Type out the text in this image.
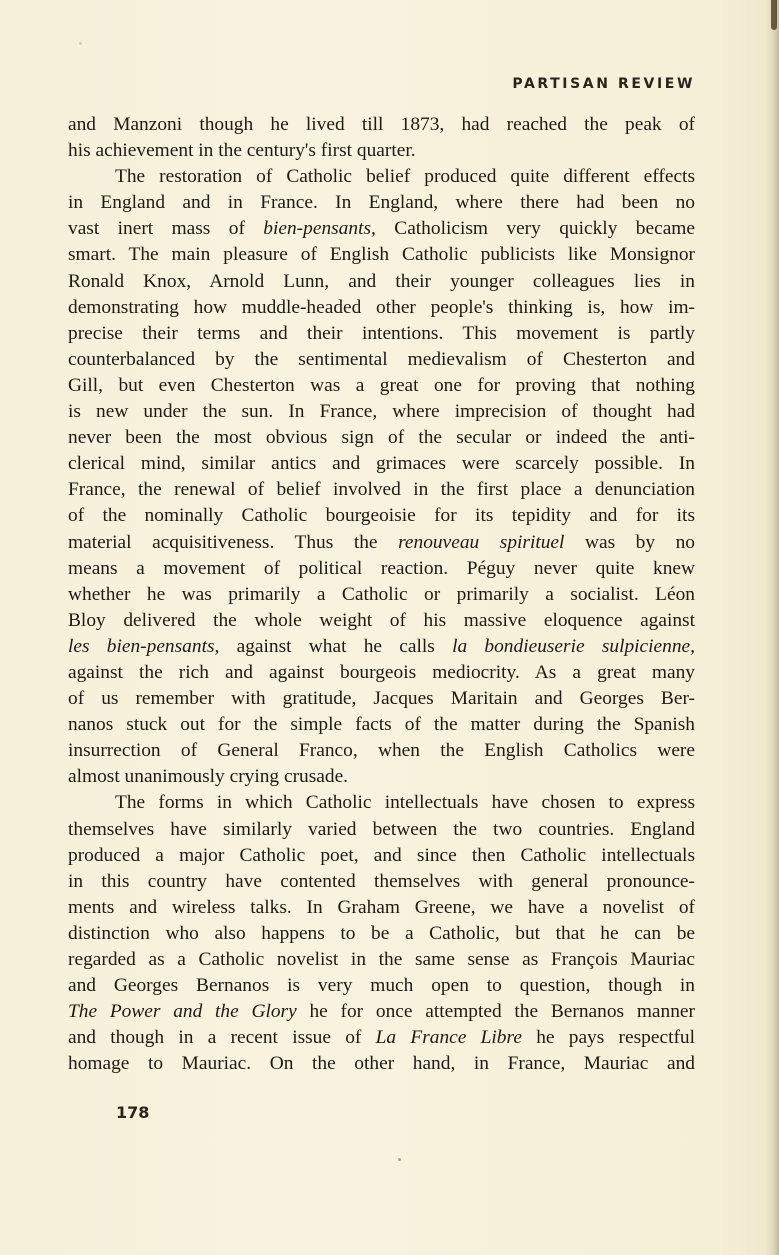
PARTISAN REVIEW
and Manzoni though he lived till 1873, had reached the peak of
his achievement in the century's first quarter.
The restoration of Catholic belief produced quite different effects
in England and in France. In England, where there had been no
vast inert mass of bien-pensants, Catholicism very quickly became
smart. The main pleasure of English Catholic publicists like Monsignor
Ronald Knox, Arnold Lunn, and their younger colleagues lies in
demonstrating how muddle-headed other people's thinking is, how im-
precise their terms and their intentions. This movement is partly
counterbalanced by the sentimental medievalism of Chesterton and
Gill, but even Chesterton was a great one for proving that nothing
is new under the sun. In France, where imprecision of thought had
never been the most obvious sign of the secular or indeed the anti-
clerical mind, similar antics and grimaces were scarcely possible. In
France, the renewal of belief involved in the first place a denunciation
of the nominally Catholic bourgeoisie for its tepidity and for its
material acquisitiveness. Thus the renouveau spirituel was by no
means a movement of political reaction. Péguy never quite knew
whether he was primarily a Catholic or primarily a socialist. Léon
Bloy delivered the whole weight of his massive eloquence against
les bien-pensants, against what he calls la bondieuserie sulpicienne,
against the rich and against bourgeois mediocrity. As a great many
of us remember with gratitude, Jacques Maritain and Georges Ber-
nanos stuck out for the simple facts of the matter during the Spanish
insurrection of General Franco, when the English Catholics were
almost unanimously crying crusade.
The forms in which Catholic intellectuals have chosen to express
themselves have similarly varied between the two countries. England
produced a major Catholic poet, and since then Catholic intellectuals
in this country have contented themselves with general pronounce-
ments and wireless talks. In Graham Greene, we have a novelist of
distinction who also happens to be a Catholic, but that he can be
regarded as a Catholic novelist in the same sense as François Mauriac
and Georges Bernanos is very much open to question, though in
The Power and the Glory he for once attempted the Bernanos manner
and though in a recent issue of La France Libre he pays respectful
homage to Mauriac. On the other hand, in France, Mauriac and
178
